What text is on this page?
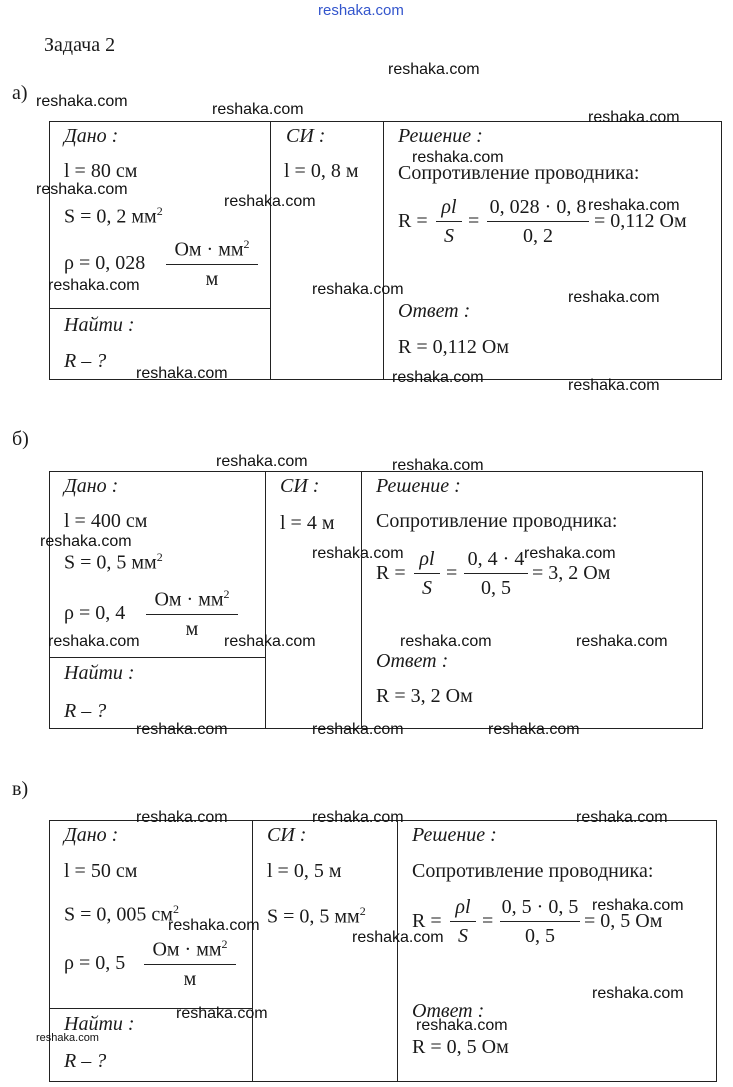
reshaka.com
Задача 2
а)
Дано :
l = 80 см
S = 0, 2 $мм^2$
ρ = 0, 028
Ом · $мм^2$
м
Найти :
R – ?
СИ :
l = 0, 8 м
Решение :
Сопротивление проводника:
R =
ρl
S
=
0, 028 · 0, 8
0, 2
= 0,112 Ом
Ответ :
R = 0,112 Ом
б)
Дано :
l = 400 см
S = 0, 5 $мм^2$
ρ = 0, 4
Ом · $мм^2$
м
Найти :
R – ?
СИ :
l = 4 м
Решение :
Сопротивление проводника:
R =
ρl
S
=
0, 4 · 4
0, 5
= 3, 2 Ом
Ответ :
R = 3, 2 Ом
в)
Дано :
l = 50 см
S = 0, 005 $см^2$
ρ = 0, 5
Ом · $мм^2$
м
Найти :
R – ?
СИ :
l = 0, 5 м
S = 0, 5 $мм^2$
Решение :
Сопротивление проводника:
R =
ρl
S
=
0, 5 · 0, 5
0, 5
= 0, 5 Ом
Ответ :
R = 0, 5 Ом
reshaka.com
reshaka.com	reshaka.com	reshaka.com
reshaka.com
reshaka.com
reshaka.com	reshaka.com
reshaka.com	reshaka.com	reshaka.com
reshaka.com	reshaka.com	reshaka.com
reshaka.com	reshaka.com
reshaka.com
reshaka.com	reshaka.com
reshaka.com	reshaka.com	reshaka.com	reshaka.com
reshaka.com	reshaka.com	reshaka.com
reshaka.com	reshaka.com	reshaka.com
reshaka.com
reshaka.com
reshaka.com
reshaka.com
reshaka.com
reshaka.com
reshaka.com
